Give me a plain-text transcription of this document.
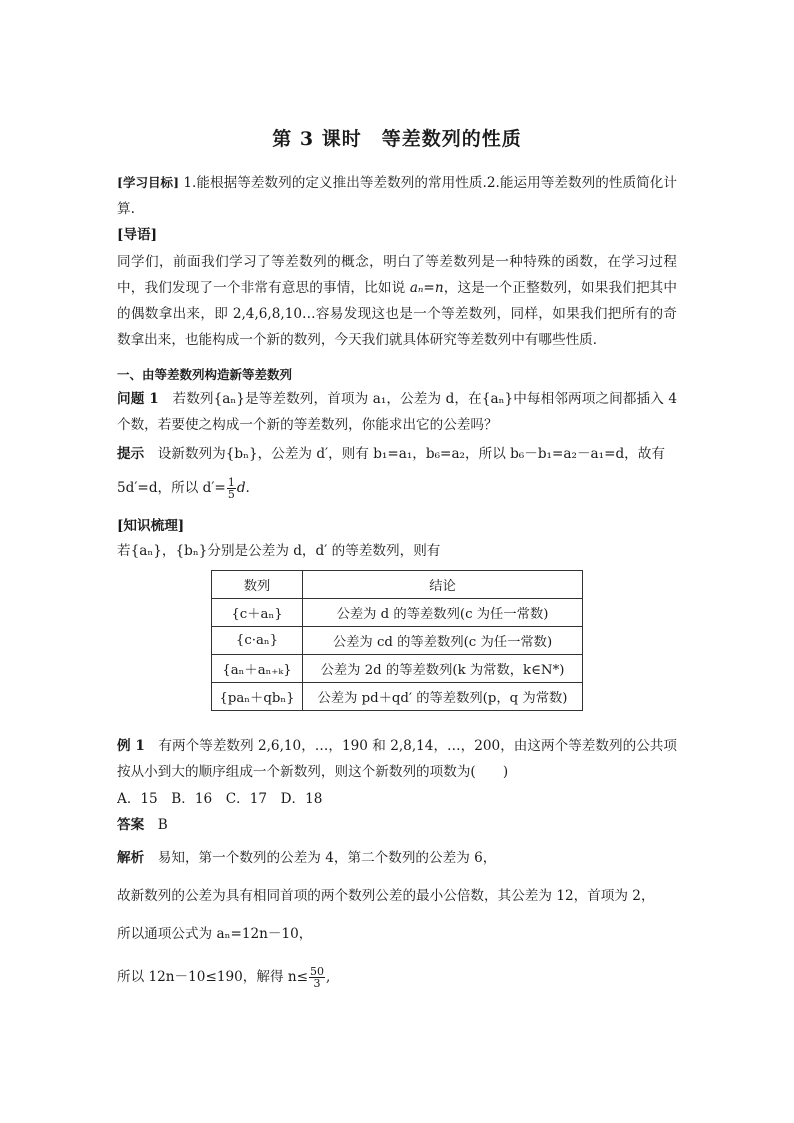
第 3 课时　等差数列的性质
[学习目标] 1.能根据等差数列的定义推出等差数列的常用性质.2.能运用等差数列的性质简化计算.
[导语]
同学们，前面我们学习了等差数列的概念，明白了等差数列是一种特殊的函数，在学习过程中，我们发现了一个非常有意思的事情，比如说 aₙ=n，这是一个正整数列，如果我们把其中的偶数拿出来，即 2,4,6,8,10…容易发现这也是一个等差数列，同样，如果我们把所有的奇数拿出来，也能构成一个新的数列，今天我们就具体研究等差数列中有哪些性质．
一、由等差数列构造新等差数列
问题 1　 若数列{aₙ}是等差数列，首项为 a₁，公差为 d，在{aₙ}中每相邻两项之间都插入 4 个数，若要使之构成一个新的等差数列，你能求出它的公差吗？
提示　 设新数列为{bₙ}，公差为 d′，则有 b₁=a₁，b₆=a₂，所以 b₆－b₁=a₂－a₁=d，故有
5d′=d，所以 $d'= \frac{1}{5} d$.
[知识梳理]
若{aₙ}，{bₙ}分别是公差为 d，d′ 的等差数列，则有
数列	结论
{c＋aₙ}	公差为 d 的等差数列(c 为任一常数)
{c·aₙ}	公差为 cd 的等差数列(c 为任一常数)
{aₙ＋aₙ₊ₖ}	公差为 2d 的等差数列(k 为常数，k∈N*)
{paₙ＋qbₙ}	公差为 pd＋qd′ 的等差数列(p，q 为常数)
例 1　 有两个等差数列 2,6,10，…，190 和 2,8,14，…，200，由这两个等差数列的公共项按从小到大的顺序组成一个新数列，则这个新数列的项数为(　　)
A．15　B．16　C．17　D．18
答案　 B
解析　 易知，第一个数列的公差为 4，第二个数列的公差为 6，
故新数列的公差为具有相同首项的两个数列公差的最小公倍数，其公差为 12，首项为 2，
所以通项公式为 aₙ=12n－10，
所以 12n－10≤190，解得 $n\le \frac{50}{3}$ ,
